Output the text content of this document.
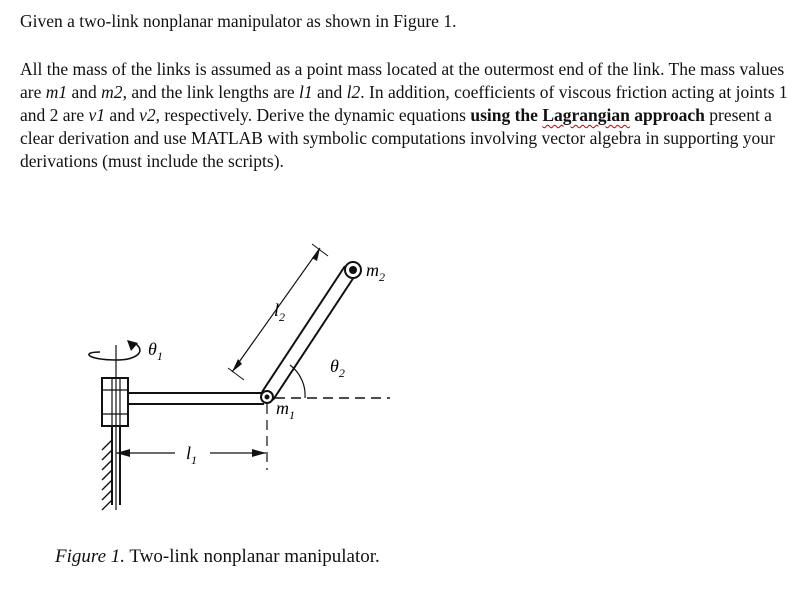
Given a two-link nonplanar manipulator as shown in Figure 1.
All the mass of the links is assumed as a point mass located at the outermost end of the link. The mass values are m1 and m2, and the link lengths are l1 and l2. In addition, coefficients of viscous friction acting at joints 1 and 2 are v1 and v2, respectively. Derive the dynamic equations using the Lagrangian approach present a clear derivation and use MATLAB with symbolic computations involving vector algebra in supporting your derivations (must include the scripts).
$\theta_1$	$\theta_2$
$m_1$
$m_2$
$l_1$
$l_2$
Figure 1. Two-link nonplanar manipulator.
